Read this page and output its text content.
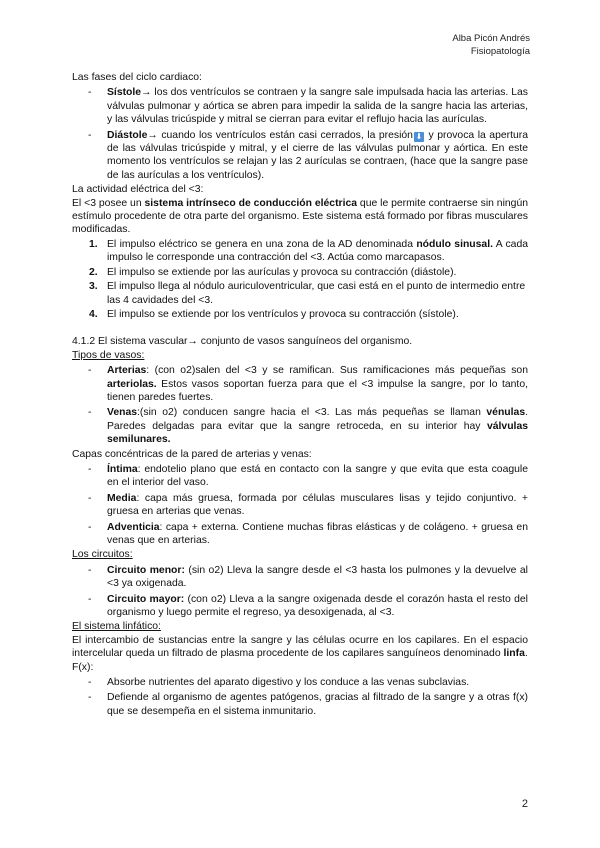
Alba Picón Andrés
Fisiopatología

Las fases del ciclo cardiaco:

-	Sístole→ los dos ventrículos se contraen y la sangre sale impulsada hacia las arterias. Las válvulas pulmonar y aórtica se abren para impedir la salida de la sangre hacia las arterias, y las válvulas tricúspide y mitral se cierran para evitar el reflujo hacia las aurículas.
-	Diástole→ cuando los ventrículos están casi cerrados, la presión ⬇ y provoca la apertura de las válvulas tricúspide y mitral, y el cierre de las válvulas pulmonar y aórtica. En este momento los ventrículos se relajan y las 2 aurículas se contraen, (hace que la sangre pase de las aurículas a los ventrículos).

La actividad eléctrica del <3:

El <3 posee un sistema intrínseco de conducción eléctrica que le permite contraerse sin ningún estímulo procedente de otra parte del organismo. Este sistema está formado por fibras musculares modificadas.

1. El impulso eléctrico se genera en una zona de la AD denominada nódulo sinusal. A cada impulso le corresponde una contracción del <3. Actúa como marcapasos.
2. El impulso se extiende por las aurículas y provoca su contracción (diástole).
3. El impulso llega al nódulo auriculoventricular, que casi está en el punto de intermedio entre las 4 cavidades del <3.
4. El impulso se extiende por los ventrículos y provoca su contracción (sístole).

4.1.2 El sistema vascular→ conjunto de vasos sanguíneos del organismo.

Tipos de vasos:

-	Arterias: (con o2)salen del <3 y se ramifican. Sus ramificaciones más pequeñas son arteriolas. Estos vasos soportan fuerza para que el <3 impulse la sangre, por lo tanto, tienen paredes fuertes.
-	Venas:(sin o2) conducen sangre hacia el <3. Las más pequeñas se llaman vénulas. Paredes delgadas para evitar que la sangre retroceda, en su interior hay válvulas semilunares.

Capas concéntricas de la pared de arterias y venas:

-	Íntima: endotelio plano que está en contacto con la sangre y que evita que esta coagule en el interior del vaso.
-	Media: capa más gruesa, formada por células musculares lisas y tejido conjuntivo. + gruesa en arterias que venas.
-	Adventicia: capa + externa. Contiene muchas fibras elásticas y de colágeno. + gruesa en venas que en arterias.

Los circuitos:

-	Circuito menor: (sin o2) Lleva la sangre desde el <3 hasta los pulmones y la devuelve al <3 ya oxigenada.
-	Circuito mayor: (con o2) Lleva a la sangre oxigenada desde el corazón hasta el resto del organismo y luego permite el regreso, ya desoxigenada, al <3.

El sistema linfático:

El intercambio de sustancias entre la sangre y las células ocurre en los capilares. En el espacio intercelular queda un filtrado de plasma procedente de los capilares sanguíneos denominado linfa.

F(x):

-	Absorbe nutrientes del aparato digestivo y los conduce a las venas subclavias.
-	Defiende al organismo de agentes patógenos, gracias al filtrado de la sangre y a otras f(x) que se desempeña en el sistema inmunitario.
2
